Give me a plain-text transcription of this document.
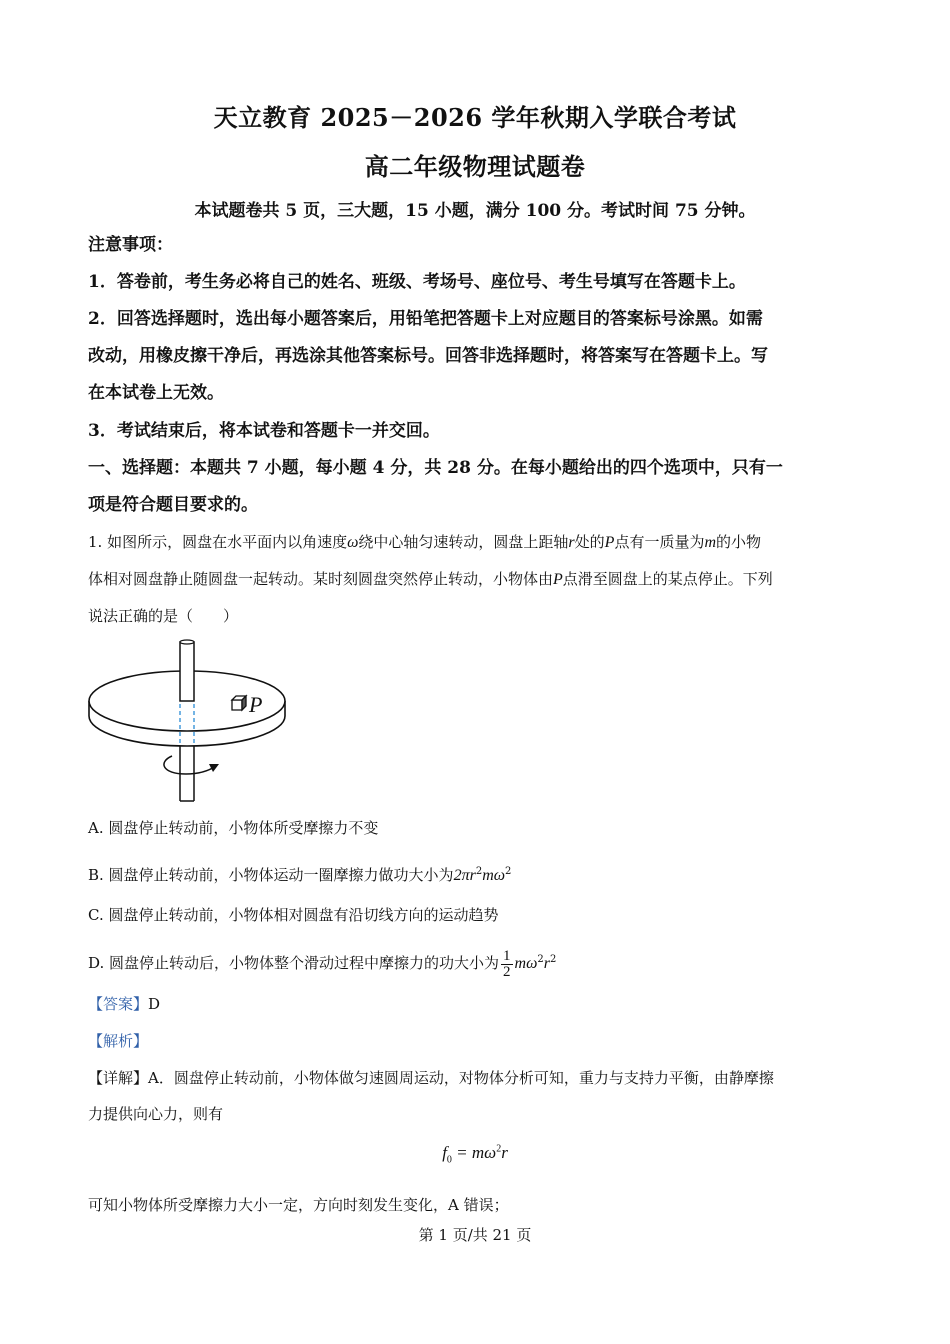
天立教育 2025－2026 学年秋期入学联合考试
高二年级物理试题卷
本试题卷共 5 页，三大题，15 小题，满分 100 分。考试时间 75 分钟。
注意事项：
1．答卷前，考生务必将自己的姓名、班级、考场号、座位号、考生号填写在答题卡上。
2．回答选择题时，选出每小题答案后，用铅笔把答题卡上对应题目的答案标号涂黑。如需
改动，用橡皮擦干净后，再选涂其他答案标号。回答非选择题时，将答案写在答题卡上。写
在本试卷上无效。
3．考试结束后，将本试卷和答题卡一并交回。
一、选择题：本题共 7 小题，每小题 4 分，共 28 分。在每小题给出的四个选项中，只有一
项是符合题目要求的。
1. 如图所示，圆盘在水平面内以角速度ω绕中心轴匀速转动，圆盘上距轴r处的P点有一质量为m的小物
体相对圆盘静止随圆盘一起转动。某时刻圆盘突然停止转动，小物体由P点滑至圆盘上的某点停止。下列
说法正确的是（　　）
P
A. 圆盘停止转动前，小物体所受摩擦力不变
B. 圆盘停止转动前，小物体运动一圈摩擦力做功大小为$2\pi r^2m\omega^2$
C. 圆盘停止转动前，小物体相对圆盘有沿切线方向的运动趋势
D. 圆盘停止转动后，小物体整个滑动过程中摩擦力的功大小为 $\frac{1}{2} m\omega^2r^2$
【答案】D
【解析】
【详解】A．圆盘停止转动前，小物体做匀速圆周运动，对物体分析可知，重力与支持力平衡，由静摩擦
力提供向心力，则有
$f_0 = m\omega^2r$
可知小物体所受摩擦力大小一定，方向时刻发生变化，A 错误；
第 1 页/共 21 页
